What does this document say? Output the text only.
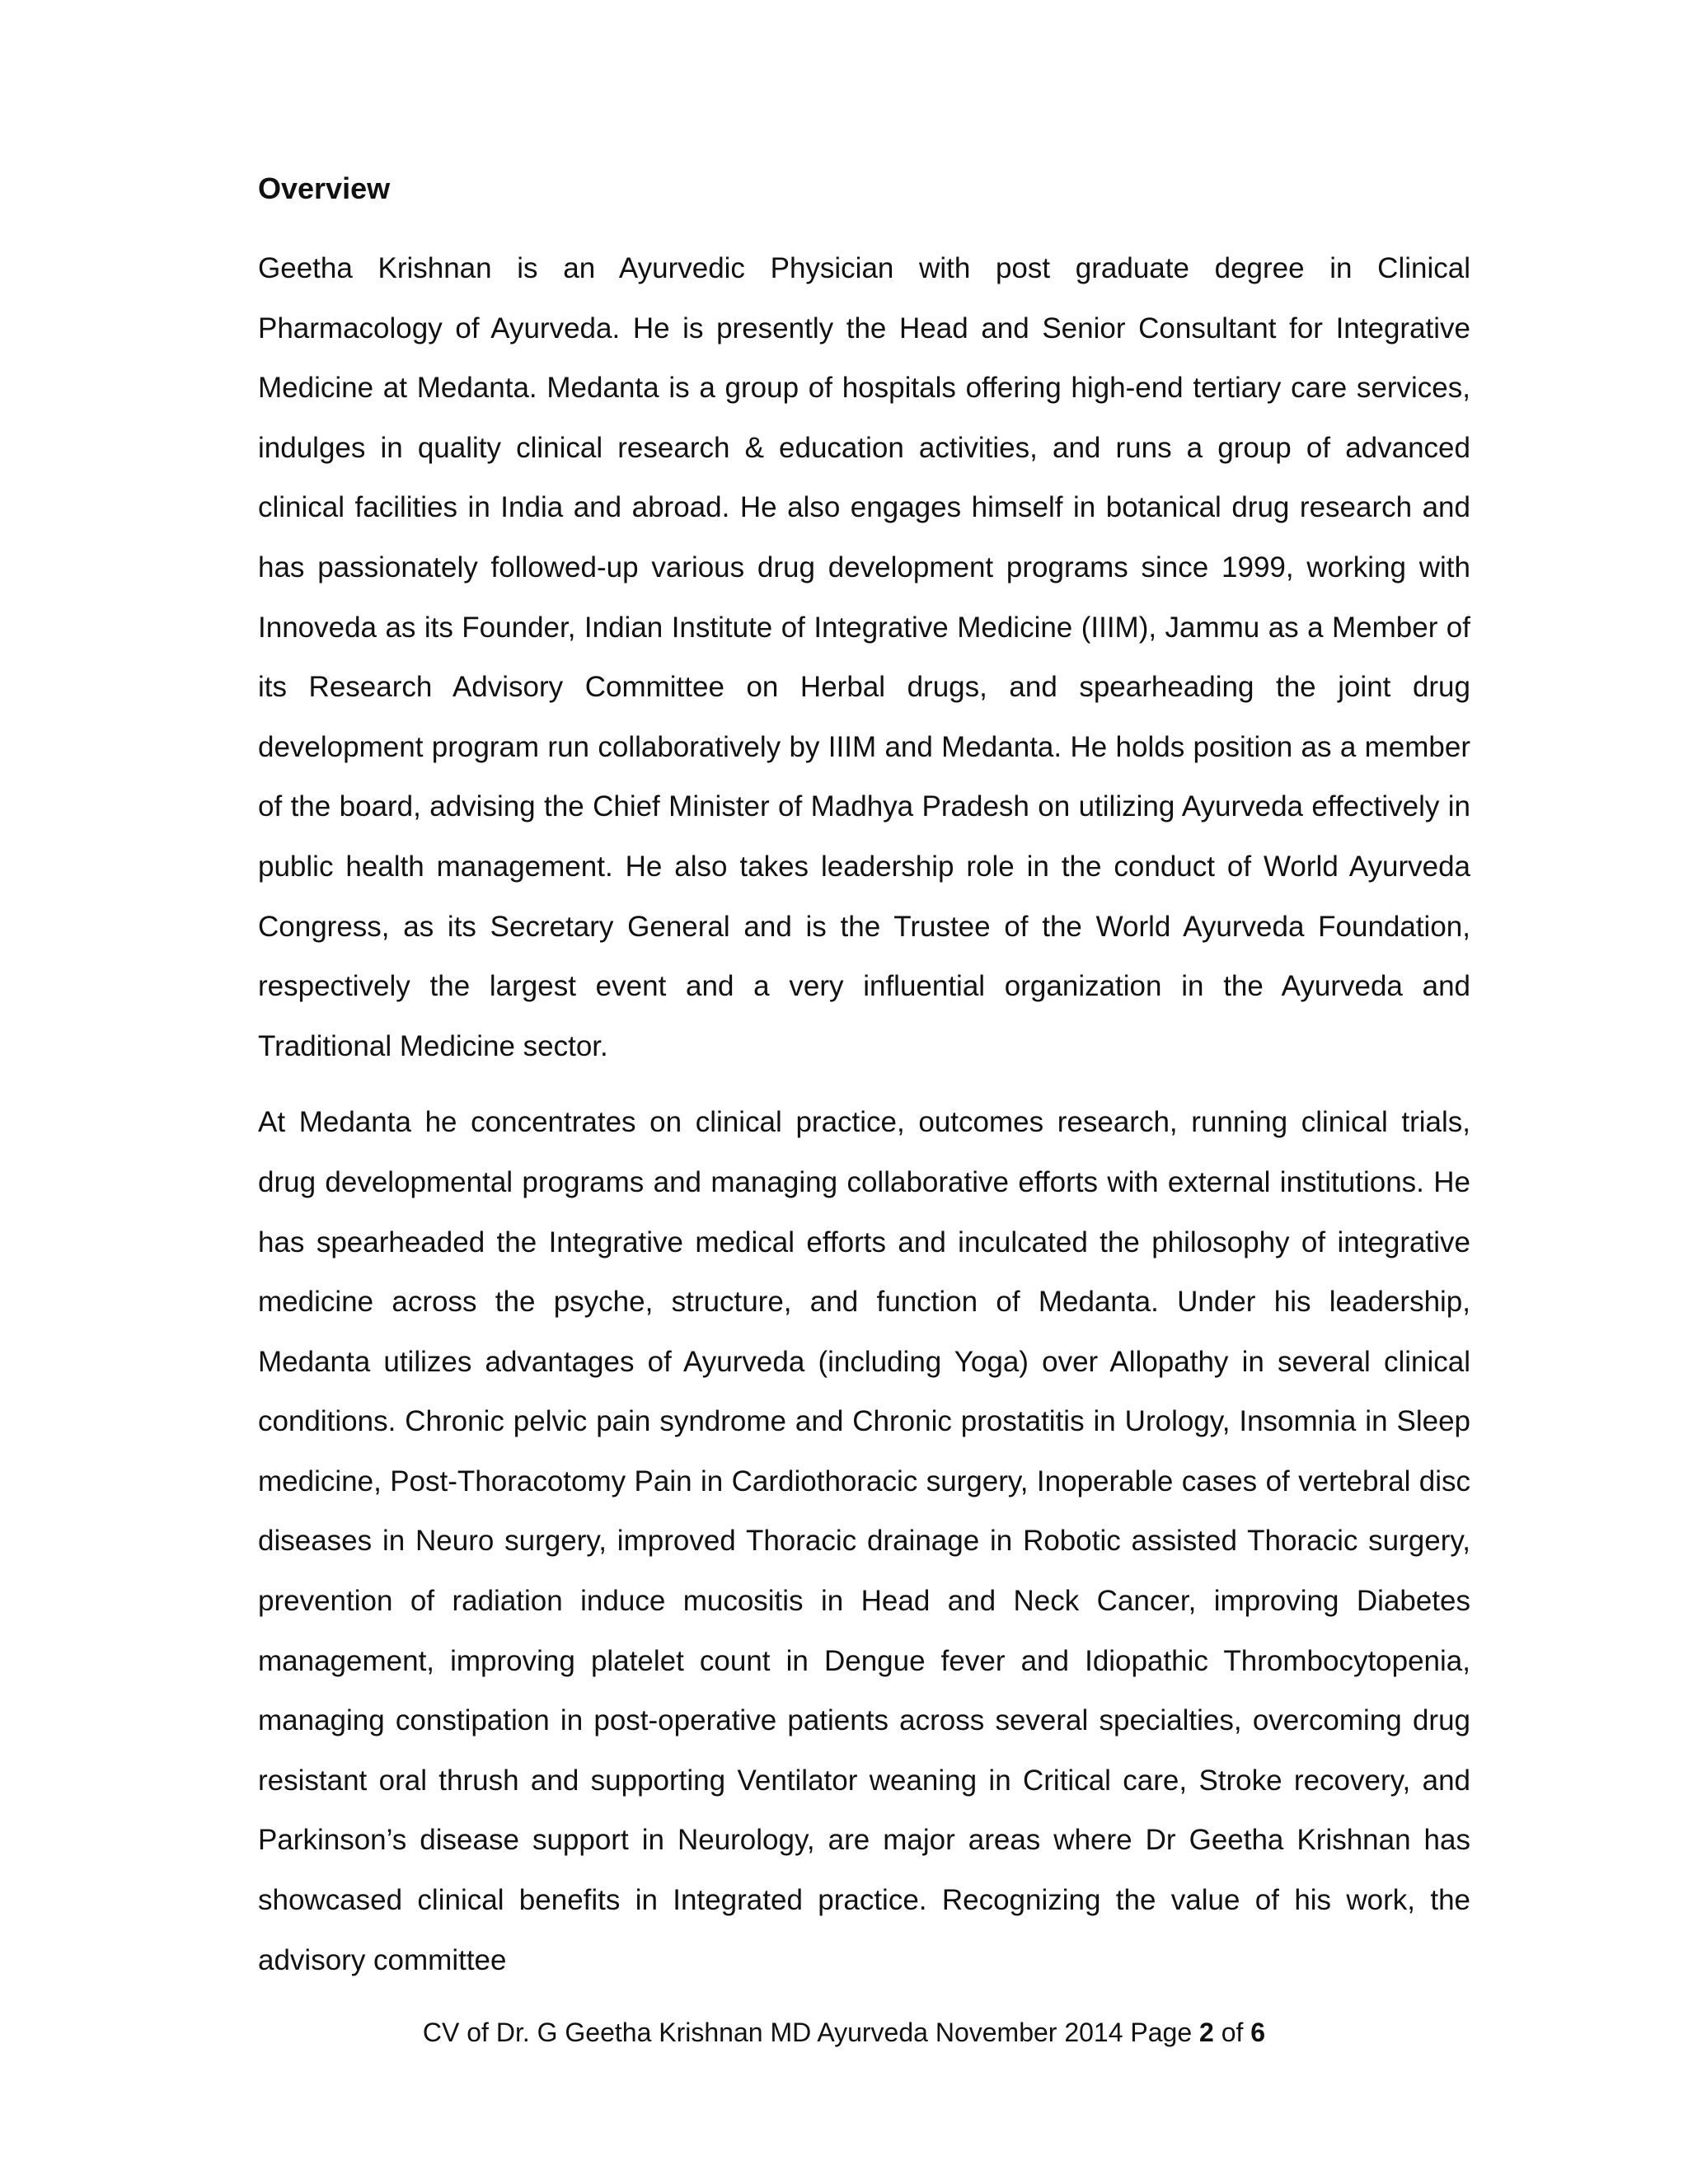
Overview

Geetha Krishnan is an Ayurvedic Physician with post graduate degree in Clinical Pharmacology of Ayurveda. He is presently the Head and Senior Consultant for Integrative Medicine at Medanta. Medanta is a group of hospitals offering high-end tertiary care services, indulges in quality clinical research & education activities, and runs a group of advanced clinical facilities in India and abroad. He also engages himself in botanical drug research and has passionately followed-up various drug development programs since 1999, working with Innoveda as its Founder, Indian Institute of Integrative Medicine (IIIM), Jammu as a Member of its Research Advisory Committee on Herbal drugs, and spearheading the joint drug development program run collaboratively by IIIM and Medanta. He holds position as a member of the board, advising the Chief Minister of Madhya Pradesh on utilizing Ayurveda effectively in public health management. He also takes leadership role in the conduct of World Ayurveda Congress, as its Secretary General and is the Trustee of the World Ayurveda Foundation, respectively the largest event and a very influential organization in the Ayurveda and Traditional Medicine sector.

At Medanta he concentrates on clinical practice, outcomes research, running clinical trials, drug developmental programs and managing collaborative efforts with external institutions. He has spearheaded the Integrative medical efforts and inculcated the philosophy of integrative medicine across the psyche, structure, and function of Medanta. Under his leadership, Medanta utilizes advantages of Ayurveda (including Yoga) over Allopathy in several clinical conditions. Chronic pelvic pain syndrome and Chronic prostatitis in Urology, Insomnia in Sleep medicine, Post-Thoracotomy Pain in Cardiothoracic surgery, Inoperable cases of vertebral disc diseases in Neuro surgery, improved Thoracic drainage in Robotic assisted Thoracic surgery, prevention of radiation induce mucositis in Head and Neck Cancer, improving Diabetes management, improving platelet count in Dengue fever and Idiopathic Thrombocytopenia, managing constipation in post-operative patients across several specialties, overcoming drug resistant oral thrush and supporting Ventilator weaning in Critical care, Stroke recovery, and Parkinson’s disease support in Neurology, are major areas where Dr Geetha Krishnan has showcased clinical benefits in Integrated practice. Recognizing the value of his work, the advisory committee

CV of Dr. G Geetha Krishnan MD Ayurveda November 2014 Page 2 of 6
